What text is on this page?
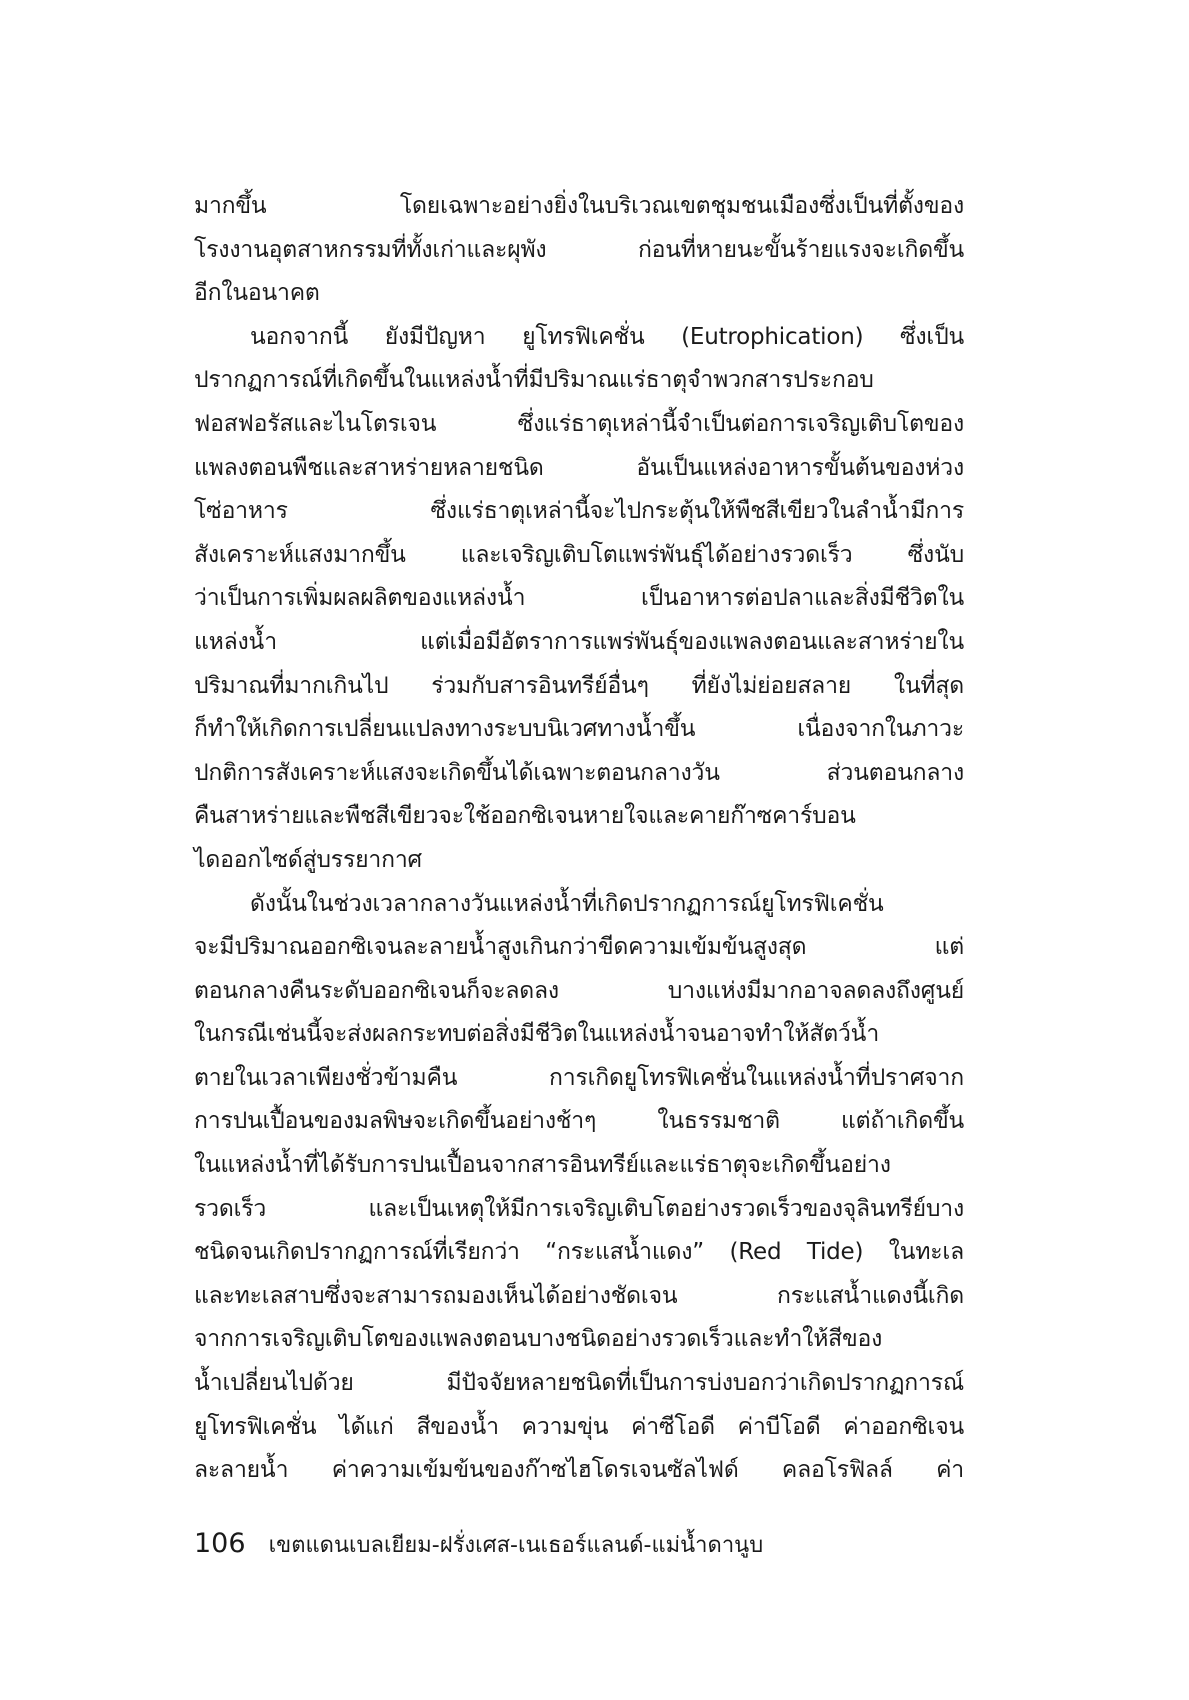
มากขึ้น โดยเฉพาะอย่างยิ่งในบริเวณเขตชุมชนเมืองซึ่งเป็นที่ตั้งของ
โรงงานอุตสาหกรรมที่ทั้งเก่าและผุพัง ก่อนที่หายนะขั้นร้ายแรงจะเกิดขึ้น
อีกในอนาคต
นอกจากนี้ ยังมีปัญหา ยูโทรฟิเคชั่น (Eutrophication) ซึ่งเป็น
ปรากฏการณ์ที่เกิดขึ้นในแหล่งน้ำที่มีปริมาณแร่ธาตุจำพวกสารประกอบ
ฟอสฟอรัสและไนโตรเจน ซึ่งแร่ธาตุเหล่านี้จำเป็นต่อการเจริญเติบโตของ
แพลงตอนพืชและสาหร่ายหลายชนิด อันเป็นแหล่งอาหารขั้นต้นของห่วง
โซ่อาหาร ซึ่งแร่ธาตุเหล่านี้จะไปกระตุ้นให้พืชสีเขียวในลำน้ำมีการ
สังเคราะห์แสงมากขึ้น และเจริญเติบโตแพร่พันธุ์ได้อย่างรวดเร็ว ซึ่งนับ
ว่าเป็นการเพิ่มผลผลิตของแหล่งน้ำ เป็นอาหารต่อปลาและสิ่งมีชีวิตใน
แหล่งน้ำ แต่เมื่อมีอัตราการแพร่พันธุ์ของแพลงตอนและสาหร่ายใน
ปริมาณที่มากเกินไป ร่วมกับสารอินทรีย์อื่นๆ ที่ยังไม่ย่อยสลาย ในที่สุด
ก็ทำให้เกิดการเปลี่ยนแปลงทางระบบนิเวศทางน้ำขึ้น เนื่องจากในภาวะ
ปกติการสังเคราะห์แสงจะเกิดขึ้นได้เฉพาะตอนกลางวัน ส่วนตอนกลาง
คืนสาหร่ายและพืชสีเขียวจะใช้ออกซิเจนหายใจและคายก๊าซคาร์บอน
ไดออกไซด์สู่บรรยากาศ
ดังนั้นในช่วงเวลากลางวันแหล่งน้ำที่เกิดปรากฏการณ์ยูโทรฟิเคชั่น
จะมีปริมาณออกซิเจนละลายน้ำสูงเกินกว่าขีดความเข้มข้นสูงสุด แต่
ตอนกลางคืนระดับออกซิเจนก็จะลดลง บางแห่งมีมากอาจลดลงถึงศูนย์
ในกรณีเช่นนี้จะส่งผลกระทบต่อสิ่งมีชีวิตในแหล่งน้ำจนอาจทำให้สัตว์น้ำ
ตายในเวลาเพียงชั่วข้ามคืน การเกิดยูโทรฟิเคชั่นในแหล่งน้ำที่ปราศจาก
การปนเปื้อนของมลพิษจะเกิดขึ้นอย่างช้าๆ ในธรรมชาติ แต่ถ้าเกิดขึ้น
ในแหล่งน้ำที่ได้รับการปนเปื้อนจากสารอินทรีย์และแร่ธาตุจะเกิดขึ้นอย่าง
รวดเร็ว และเป็นเหตุให้มีการเจริญเติบโตอย่างรวดเร็วของจุลินทรีย์บาง
ชนิดจนเกิดปรากฏการณ์ที่เรียกว่า “กระแสน้ำแดง” (Red Tide) ในทะเล
และทะเลสาบซึ่งจะสามารถมองเห็นได้อย่างชัดเจน กระแสน้ำแดงนี้เกิด
จากการเจริญเติบโตของแพลงตอนบางชนิดอย่างรวดเร็วและทำให้สีของ
น้ำเปลี่ยนไปด้วย มีปัจจัยหลายชนิดที่เป็นการบ่งบอกว่าเกิดปรากฏการณ์
ยูโทรฟิเคชั่น ได้แก่ สีของน้ำ ความขุ่น ค่าซีโอดี ค่าบีโอดี ค่าออกซิเจน
ละลายน้ำ ค่าความเข้มข้นของก๊าซไฮโดรเจนซัลไฟด์ คลอโรฟิลล์ ค่า
106 เขตแดนเบลเยียม-ฝรั่งเศส-เนเธอร์แลนด์-แม่น้ำดานูบ
